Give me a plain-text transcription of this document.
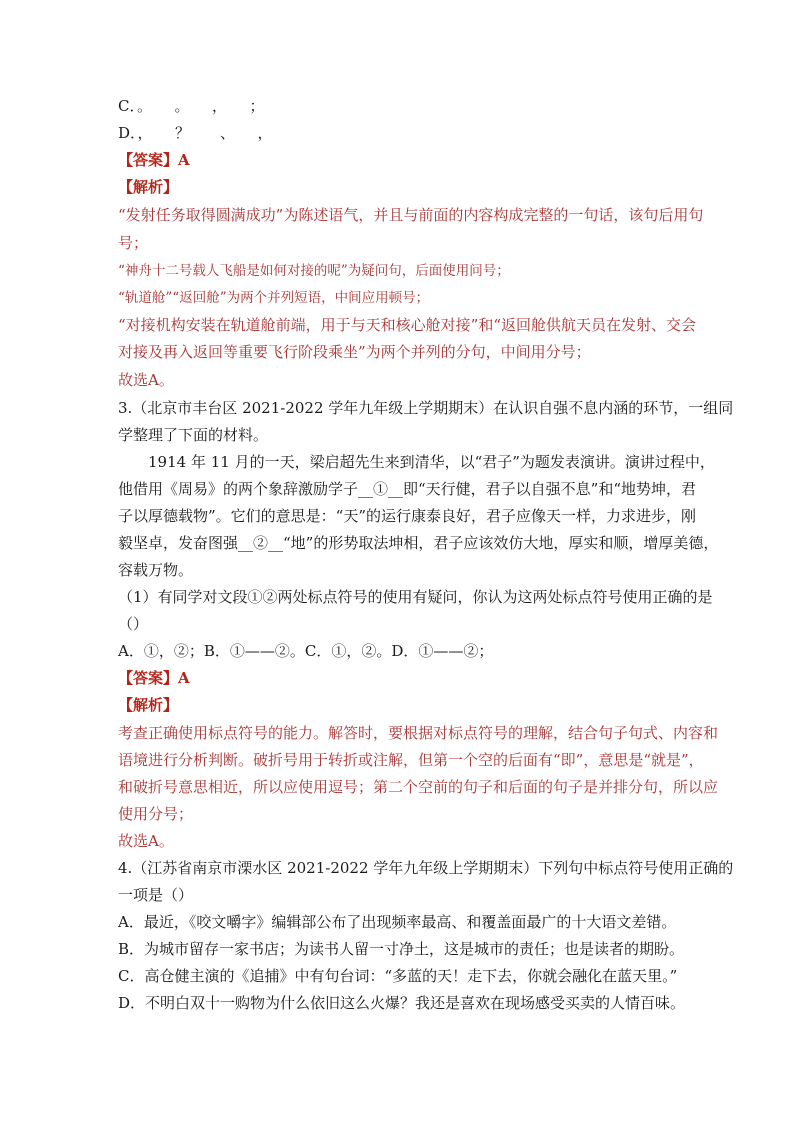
C．。　　。　　，　　；
D．，　　？　　、　　，
【答案】A
【解析】
“发射任务取得圆满成功”为陈述语气，并且与前面的内容构成完整的一句话，该句后用句
号；
“神舟十二号载人飞船是如何对接的呢”为疑问句，后面使用问号；
“轨道舱”“返回舱”为两个并列短语，中间应用顿号；
“对接机构安装在轨道舱前端，用于与天和核心舱对接”和“返回舱供航天员在发射、交会
对接及再入返回等重要飞行阶段乘坐”为两个并列的分句，中间用分号；
故选A。
3.（北京市丰台区 2021-2022 学年九年级上学期期末）在认识自强不息内涵的环节，一组同
学整理了下面的材料。
1914 年 11 月的一天，梁启超先生来到清华，以“君子”为题发表演讲。演讲过程中，
他借用《周易》的两个象辞激励学子__①__即“天行健，君子以自强不息”和“地势坤，君
子以厚德载物”。它们的意思是：“天”的运行康泰良好，君子应像天一样，力求进步，刚
毅坚卓，发奋图强__②__“地”的形势取法坤相，君子应该效仿大地，厚实和顺，增厚美德，
容载万物。
（1）有同学对文段①②两处标点符号的使用有疑问，你认为这两处标点符号使用正确的是
（）
A．①，②；B．①——②。C．①，②。D．①——②；
【答案】A
【解析】
考查正确使用标点符号的能力。解答时，要根据对标点符号的理解，结合句子句式、内容和
语境进行分析判断。破折号用于转折或注解，但第一个空的后面有“即”，意思是“就是”，
和破折号意思相近，所以应使用逗号；第二个空前的句子和后面的句子是并排分句，所以应
使用分号；
故选A。
4.（江苏省南京市溧水区 2021-2022 学年九年级上学期期末）下列句中标点符号使用正确的
一项是（）
A．最近，《咬文嚼字》编辑部公布了出现频率最高、和覆盖面最广的十大语文差错。
B．为城市留存一家书店；为读书人留一寸净土，这是城市的责任；也是读者的期盼。
C．高仓健主演的《追捕》中有句台词：“多蓝的天！走下去，你就会融化在蓝天里。”
D．不明白双十一购物为什么依旧这么火爆？我还是喜欢在现场感受买卖的人情百味。
